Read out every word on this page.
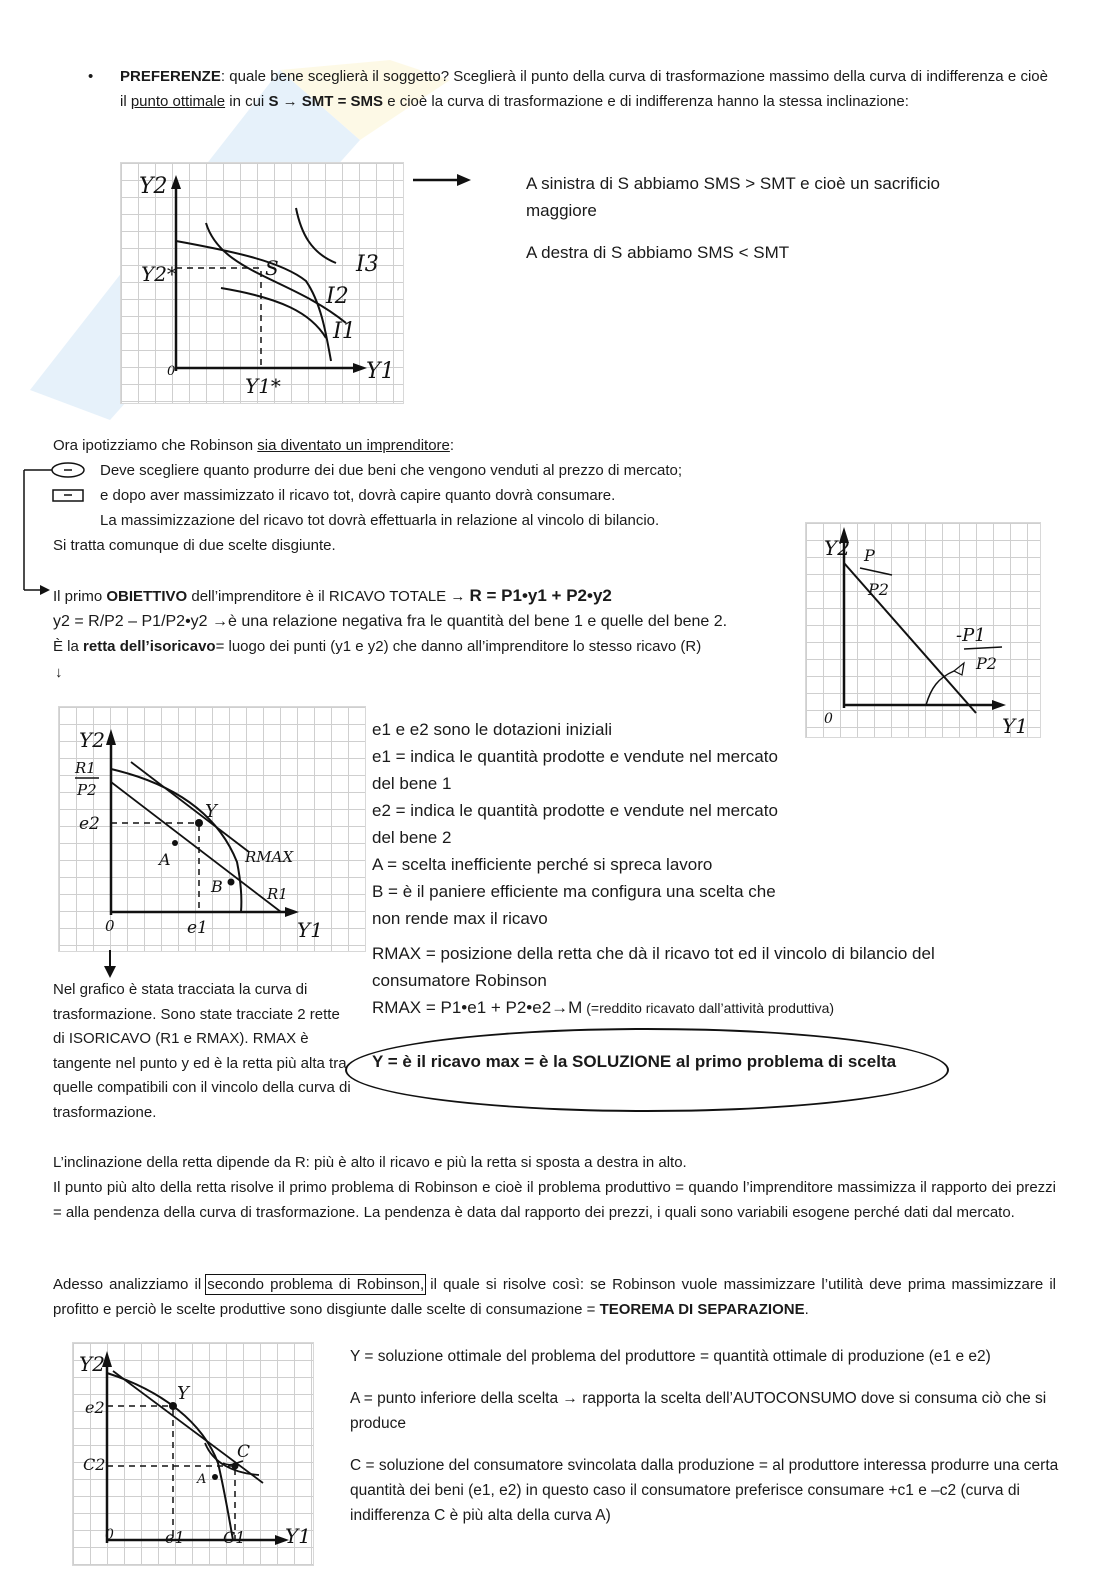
•	PREFERENZE: quale bene sceglierà il soggetto? Sceglierà il punto della curva di trasformazione massimo della curva di indifferenza e cioè il punto ottimale in cui S → SMT = SMS e cioè la curva di trasformazione e di indifferenza hanno la stessa inclinazione:

Y2
Y1
0
Y2*
Y1*
S	I3
I2
I1
A sinistra di S abbiamo SMS > SMT e cioè un sacrificio maggiore
A destra di S abbiamo SMS < SMT
Ora ipotizziamo che Robinson sia diventato un imprenditore:
Deve scegliere quanto produrre dei due beni che vengono venduti al prezzo di mercato;
e dopo aver massimizzato il ricavo tot, dovrà capire quanto dovrà consumare.
La massimizzazione del ricavo tot dovrà effettuarla in relazione al vincolo di bilancio.
Si tratta comunque di due scelte disgiunte.
Il primo OBIETTIVO dell’imprenditore è il RICAVO TOTALE → R = P1•y1 + P2•y2
y2 = R/P2 – P1/P2•y2 →è una relazione negativa fra le quantità del bene 1 e quelle del bene 2.
È la retta dell’isoricavo= luogo dei punti (y1 e y2) che danno all’imprenditore lo stesso ricavo (R)
↓
Y2
Y1
0
P
P2
-P1
P2
Y2
Y1
0
R1
P2
e2
e1
Y
A
B
RMAX
R1

e1 e e2 sono le dotazioni iniziali

e1 = indica le quantità prodotte e vendute nel mercato del bene 1

e2 = indica le quantità prodotte e vendute nel mercato del bene 2

A = scelta inefficiente perché si spreca lavoro

B = è il paniere efficiente ma configura una scelta che non rende max il ricavo

RMAX = posizione della retta che dà il ricavo tot ed il vincolo di bilancio del consumatore Robinson

RMAX = P1•e1 + P2•e2→M (=reddito ricavato dall’attività produttiva)

Y = è il ricavo max = è la SOLUZIONE al primo problema di scelta
Nel grafico è stata tracciata la curva di trasformazione. Sono state tracciate 2 rette di ISORICAVO (R1 e RMAX). RMAX è tangente nel punto y ed è la retta più alta tra quelle compatibili con il vincolo della curva di trasformazione.
L’inclinazione della retta dipende da R: più è alto il ricavo e più la retta si sposta a destra in alto.
Il punto più alto della retta risolve il primo problema di Robinson e cioè il problema produttivo = quando l’imprenditore massimizza il rapporto dei prezzi = alla pendenza della curva di trasformazione. La pendenza è data dal rapporto dei prezzi, i quali sono variabili esogene perché dati dal mercato.
Adesso analizziamo il secondo problema di Robinson, il quale si risolve così: se Robinson vuole massimizzare l’utilità deve prima massimizzare il profitto e perciò le scelte produttive sono disgiunte dalle scelte di consumazione = TEOREMA DI SEPARAZIONE.
Y2
Y1
0
e2
C2
e1 C1
Y
A
C

Y = soluzione ottimale del problema del produttore = quantità ottimale di produzione (e1 e e2)

A = punto inferiore della scelta → rapporta la scelta dell’AUTOCONSUMO dove si consuma ciò che si produce

C = soluzione del consumatore svincolata dalla produzione = al produttore interessa produrre una certa quantità dei beni (e1, e2) in questo caso il consumatore preferisce consumare +c1 e –c2 (curva di indifferenza C è più alta della curva A)
